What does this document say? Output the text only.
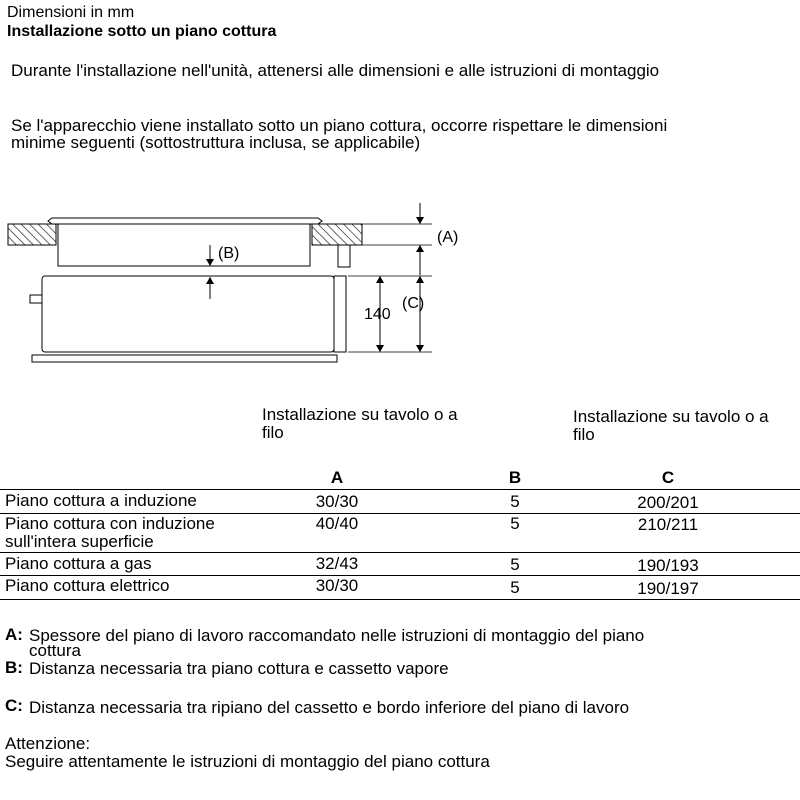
Dimensioni in mm
Installazione sotto un piano cottura
Durante l'installazione nell'unità, attenersi alle dimensioni e alle istruzioni di montaggio
Se l'apparecchio viene installato sotto un piano cottura, occorre rispettare le dimensioni
minime seguenti (sottostruttura inclusa, se applicabile)
(B)
(A)
140
(C)
Installazione su tavolo o a
filo
Installazione su tavolo o a
filo
A	B	C
Piano cottura a induzione	30/30	5	200/201
Piano cottura con induzione
sull'intera superficie
40/40	5	210/211
Piano cottura a gas	32/43	5	190/193
Piano cottura elettrico	30/30	5	190/197
A: Spessore del piano di lavoro raccomandato nelle istruzioni di montaggio del piano
cottura
B: Distanza necessaria tra piano cottura e cassetto vapore
C: Distanza necessaria tra ripiano del cassetto e bordo inferiore del piano di lavoro
Attenzione:
Seguire attentamente le istruzioni di montaggio del piano cottura
